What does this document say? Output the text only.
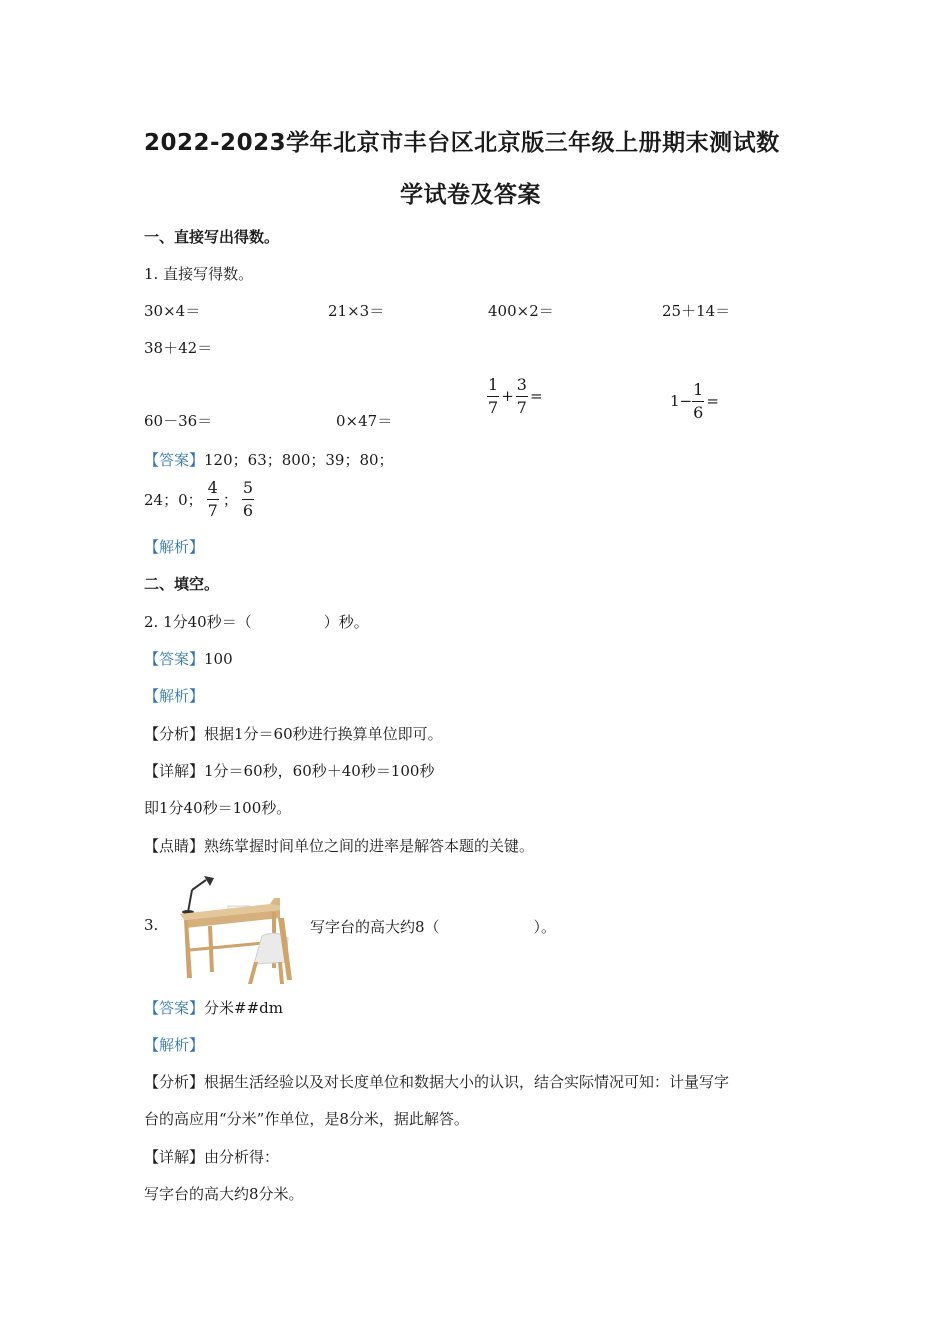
2022-2023学年北京市丰台区北京版三年级上册期末测试数
学试卷及答案
一、直接写出得数。
1. 直接写得数。
30×4＝	21×3＝	400×2＝	25＋14＝
38＋42＝
60－36＝	0×47＝
$\frac{1}{7} + \frac{3}{7}$ =	$1- \frac{1}{6}$ =
【答案】120；63；800；39；80；
24；0； $\frac{4}{7}$ ； $\frac{5}{6}$
【解析】
二、填空。
2. 1分40秒＝（	）秒。
【答案】100
【解析】
【分析】根据1分＝60秒进行换算单位即可。
【详解】1分＝60秒，60秒＋40秒＝100秒
即1分40秒＝100秒。
【点睛】熟练掌握时间单位之间的进率是解答本题的关键。
3.	写字台的高大约8（	）。
【答案】分米##dm
【解析】
【分析】根据生活经验以及对长度单位和数据大小的认识，结合实际情况可知：计量写字
台的高应用“分米”作单位，是8分米，据此解答。
【详解】由分析得：
写字台的高大约8分米。
